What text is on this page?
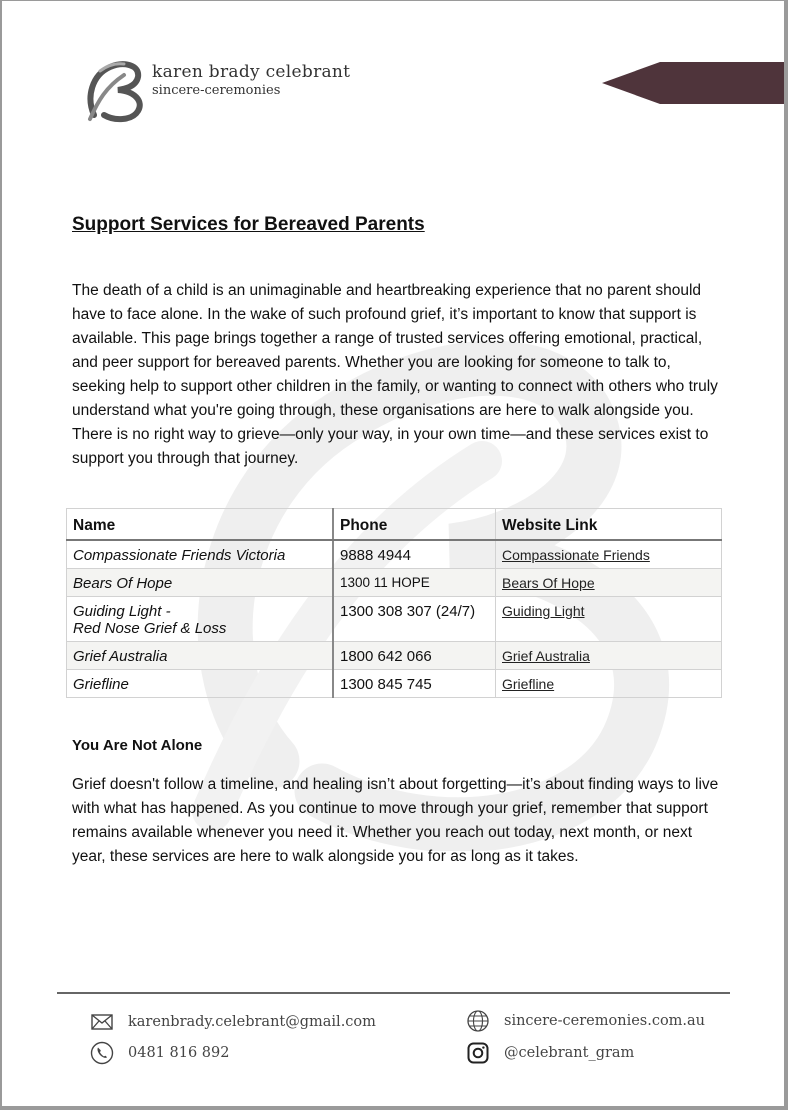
karen brady celebrant
sincere-ceremonies
Support Services for Bereaved Parents

The death of a child is an unimaginable and heartbreaking experience that no parent should have to face alone. In the wake of such profound grief, it’s important to know that support is available. This page brings together a range of trusted services offering emotional, practical, and peer support for bereaved parents. Whether you are looking for someone to talk to, seeking help to support other children in the family, or wanting to connect with others who truly understand what you're going through, these organisations are here to walk alongside you. There is no right way to grieve—only your way, in your own time—and these services exist to support you through that journey.

Name	Phone	Website Link
Compassionate Friends Victoria	9888 4944	Compassionate Friends
Bears Of Hope	1300 11 HOPE	Bears Of Hope
Guiding Light -
Red Nose Grief & Loss	1300 308 307 (24/7)	Guiding Light
Grief Australia	1800 642 066	Grief Australia
Griefline	1300 845 745	Griefline
You Are Not Alone

Grief doesn't follow a timeline, and healing isn’t about forgetting—it’s about finding ways to live with what has happened. As you continue to move through your grief, remember that support remains available whenever you need it. Whether you reach out today, next month, or next year, these services are here to walk alongside you for as long as it takes.

karenbrady.celebrant@gmail.com
0481 816 892
sincere-ceremonies.com.au
@celebrant_gram
